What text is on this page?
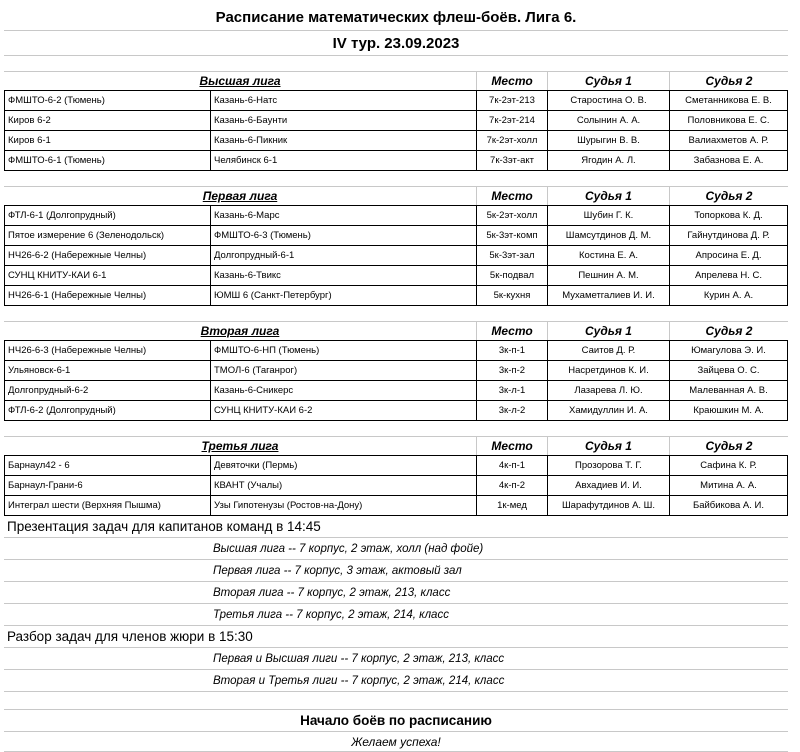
Расписание математических флеш-боёв. Лига 6.
IV тур. 23.09.2023
Высшая лига	Место	Судья 1	Судья 2
ФМШТО-6-2 (Тюмень)	Казань-6-Натс	7к-2эт-213	Старостина О. В.	Сметанникова Е. В.
Киров 6-2	Казань-6-Баунти	7к-2эт-214	Солынин А. А.	Половникова Е. С.
Киров 6-1	Казань-6-Пикник	7к-2эт-холл	Шурыгин В. В.	Валиахметов А. Р.
ФМШТО-6-1 (Тюмень)	Челябинск 6-1	7к-3эт-акт	Ягодин А. Л.	Забазнова Е. А.
Первая лига	Место	Судья 1	Судья 2
ФТЛ-6-1 (Долгопрудный)	Казань-6-Марс	5к-2эт-холл	Шубин Г. К.	Топоркова К. Д.
Пятое измерение 6 (Зеленодольск)	ФМШТО-6-3 (Тюмень)	5к-3эт-комп	Шамсутдинов Д. М.	Гайнутдинова Д. Р.
НЧ26-6-2 (Набережные Челны)	Долгопрудный-6-1	5к-3эт-зал	Костина Е. А.	Апросина Е. Д.
СУНЦ КНИТУ-КАИ 6-1	Казань-6-Твикс	5к-подвал	Пешнин А. М.	Апрелева Н. С.
НЧ26-6-1 (Набережные Челны)	ЮМШ 6 (Санкт-Петербург)	5к-кухня	Мухаметгалиев И. И.	Курин А. А.
Вторая лига	Место	Судья 1	Судья 2
НЧ26-6-3 (Набережные Челны)	ФМШТО-6-НП (Тюмень)	3к-п-1	Саитов Д. Р.	Юмагулова Э. И.
Ульяновск-6-1	ТМОЛ-6 (Таганрог)	3к-п-2	Насретдинов К. И.	Зайцева О. С.
Долгопрудный-6-2	Казань-6-Сникерс	3к-л-1	Лазарева Л. Ю.	Малеванная А. В.
ФТЛ-6-2 (Долгопрудный)	СУНЦ КНИТУ-КАИ 6-2	3к-л-2	Хамидуллин И. А.	Краюшкин М. А.
Третья лига	Место	Судья 1	Судья 2
Барнаул42 - 6	Девяточки (Пермь)	4к-п-1	Прозорова Т. Г.	Сафина К. Р.
Барнаул-Грани-6	КВАНТ (Учалы)	4к-п-2	Авхадиев И. И.	Митина А. А.
Интеграл шести (Верхняя Пышма)	Узы Гипотенузы (Ростов-на-Дону)	1к-мед	Шарафутдинов А. Ш.	Байбикова А. И.
Презентация задач для капитанов команд в 14:45
Высшая лига -- 7 корпус, 2 этаж, холл (над фойе)
Первая лига -- 7 корпус, 3 этаж, актовый зал
Вторая лига -- 7 корпус, 2 этаж, 213, класс
Третья лига -- 7 корпус, 2 этаж, 214, класс
Разбор задач для членов жюри в 15:30
Первая и Высшая лиги -- 7 корпус, 2 этаж, 213, класс
Вторая и Третья лиги -- 7 корпус, 2 этаж, 214, класс
Начало боёв по расписанию
Желаем успеха!
